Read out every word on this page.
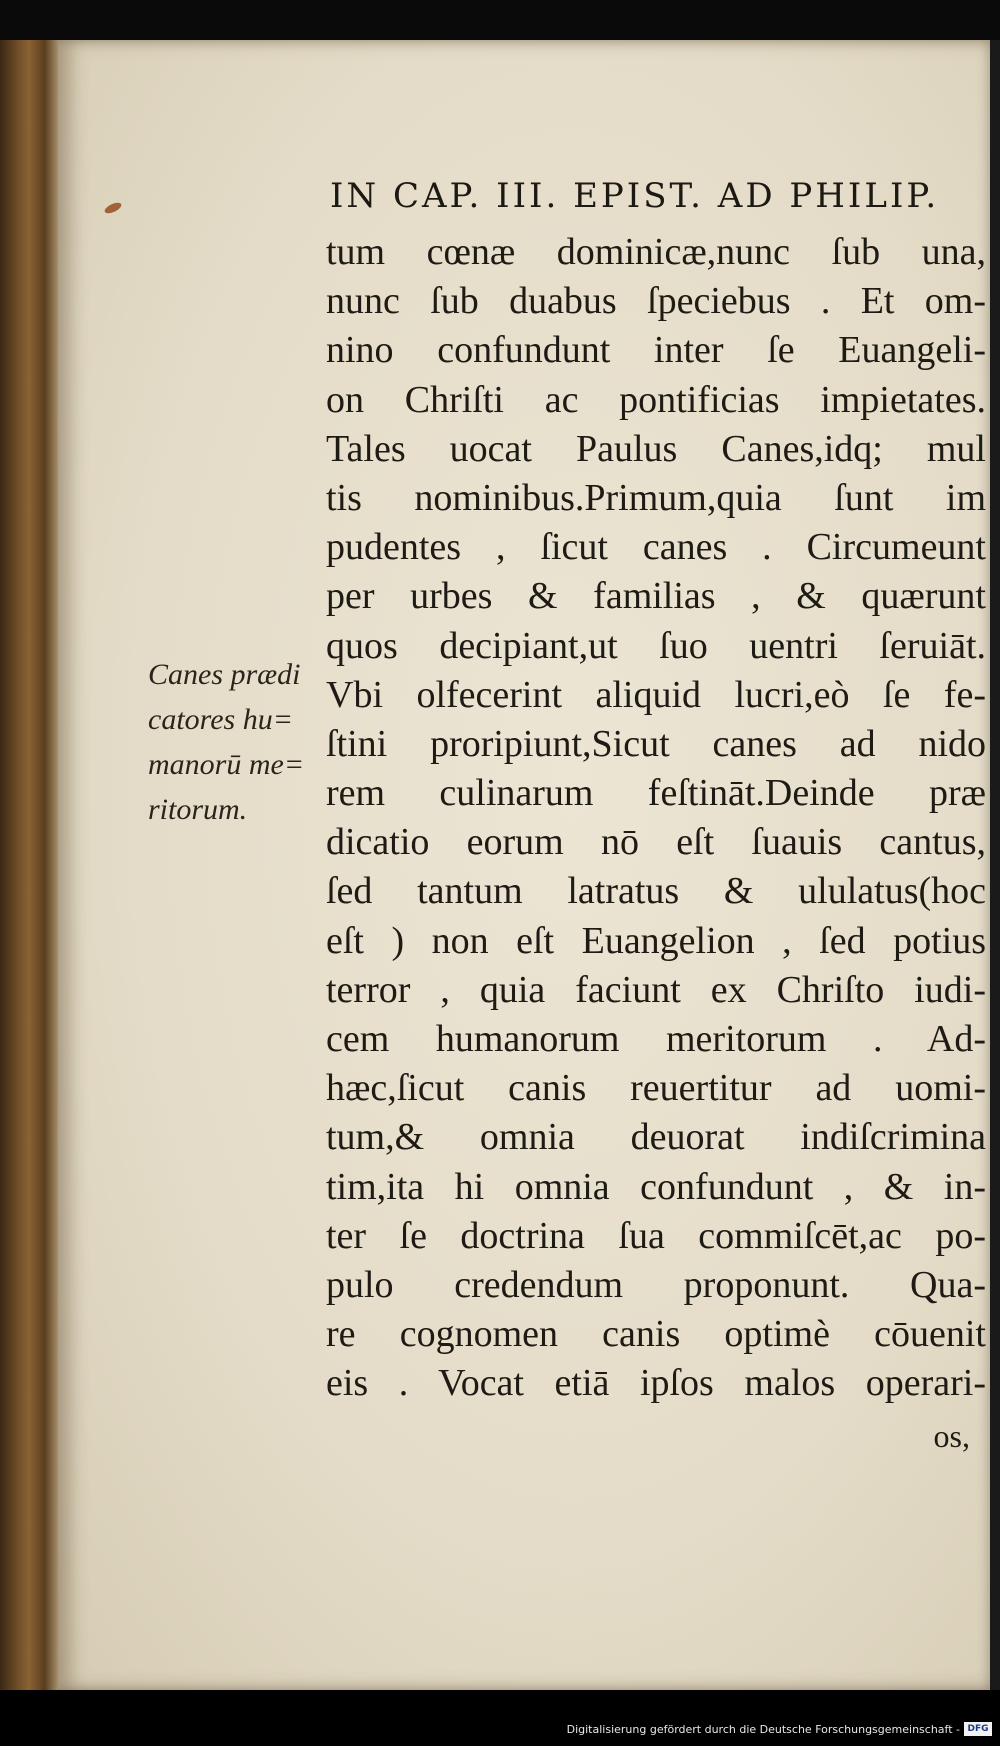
IN CAP. III. EPIST. AD PHILIP.
Canes prædi
catores hu=
manorū me=
ritorum.
tum cœnæ dominicæ,nunc ſub una,
nunc ſub duabus ſpeciebus . Et om-
nino confundunt inter ſe Euangeli-
on Chriſti ac pontificias impietates.
Tales uocat Paulus Canes,idq; mul
tis nominibus.Primum,quia ſunt im
pudentes , ſicut canes . Circumeunt
per urbes & familias , & quærunt
quos decipiant,ut ſuo uentri ſeruiāt.
Vbi olfecerint aliquid lucri,eò ſe fe-
ſtini proripiunt,Sicut canes ad nido
rem culinarum feſtināt.Deinde præ
dicatio eorum nō eſt ſuauis cantus,
ſed tantum latratus & ululatus(hoc
eſt ) non eſt Euangelion , ſed potius
terror , quia faciunt ex Chriſto iudi-
cem humanorum meritorum . Ad-
hæc,ſicut canis reuertitur ad uomi-
tum,& omnia deuorat indiſcrimina
tim,ita hi omnia confundunt , & in-
ter ſe doctrina ſua commiſcēt,ac po-
pulo credendum proponunt. Qua-
re cognomen canis optimè cōuenit
eis . Vocat etiā ipſos malos operari-
os,
Digitalisierung gefördert durch die Deutsche Forschungsgemeinschaft - DFG
